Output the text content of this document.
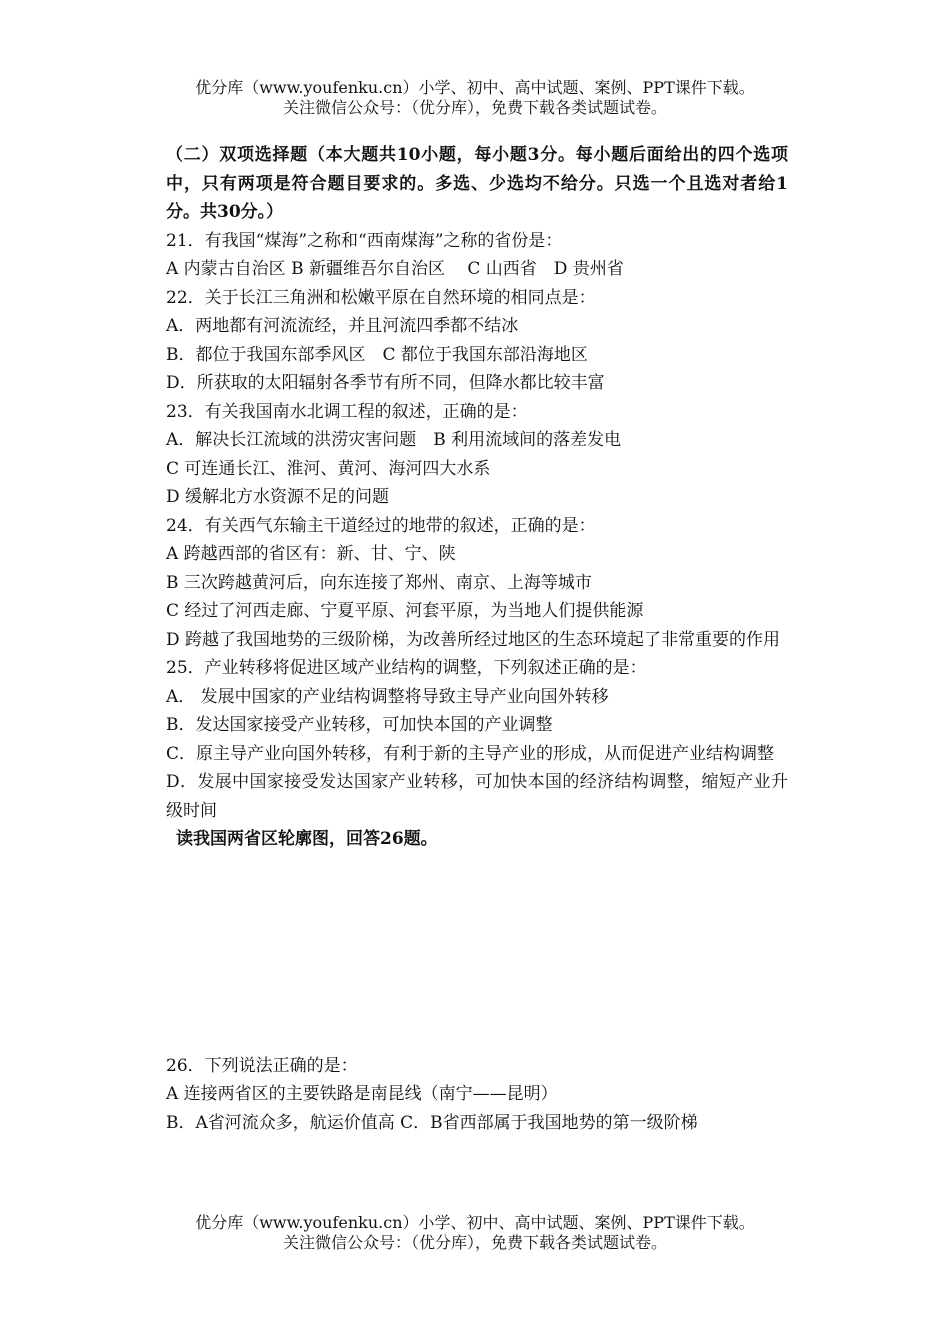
优分库（www.youfenku.cn）小学、初中、高中试题、案例、PPT课件下载。
关注微信公众号：（优分库），免费下载各类试题试卷。
（二）双项选择题（本大题共10小题，每小题3分。每小题后面给出的四个选项中，只有两项是符合题目要求的。多选、少选均不给分。只选一个且选对者给1分。共30分。）
21．有我国“煤海”之称和“西南煤海”之称的省份是：
A 内蒙古自治区 B 新疆维吾尔自治区　 C 山西省　D 贵州省
22．关于长江三角洲和松嫩平原在自然环境的相同点是：
A．两地都有河流流经，并且河流四季都不结冰
B．都位于我国东部季风区　C 都位于我国东部沿海地区
D．所获取的太阳辐射各季节有所不同，但降水都比较丰富
23．有关我国南水北调工程的叙述，正确的是：
A．解决长江流域的洪涝灾害问题　B 利用流域间的落差发电
C 可连通长江、淮河、黄河、海河四大水系
D 缓解北方水资源不足的问题
24．有关西气东输主干道经过的地带的叙述，正确的是：
A 跨越西部的省区有：新、甘、宁、陕
B 三次跨越黄河后，向东连接了郑州、南京、上海等城市
C 经过了河西走廊、宁夏平原、河套平原，为当地人们提供能源
D 跨越了我国地势的三级阶梯，为改善所经过地区的生态环境起了非常重要的作用
25．产业转移将促进区域产业结构的调整，下列叙述正确的是：
A． 发展中国家的产业结构调整将导致主导产业向国外转移
B．发达国家接受产业转移，可加快本国的产业调整
C．原主导产业向国外转移，有利于新的主导产业的形成，从而促进产业结构调整
D．发展中国家接受发达国家产业转移，可加快本国的经济结构调整，缩短产业升级时间
读我国两省区轮廓图，回答26题。
26．下列说法正确的是：
A 连接两省区的主要铁路是南昆线（南宁——昆明）
B．A省河流众多，航运价值高 C．B省西部属于我国地势的第一级阶梯
优分库（www.youfenku.cn）小学、初中、高中试题、案例、PPT课件下载。
关注微信公众号：（优分库），免费下载各类试题试卷。
